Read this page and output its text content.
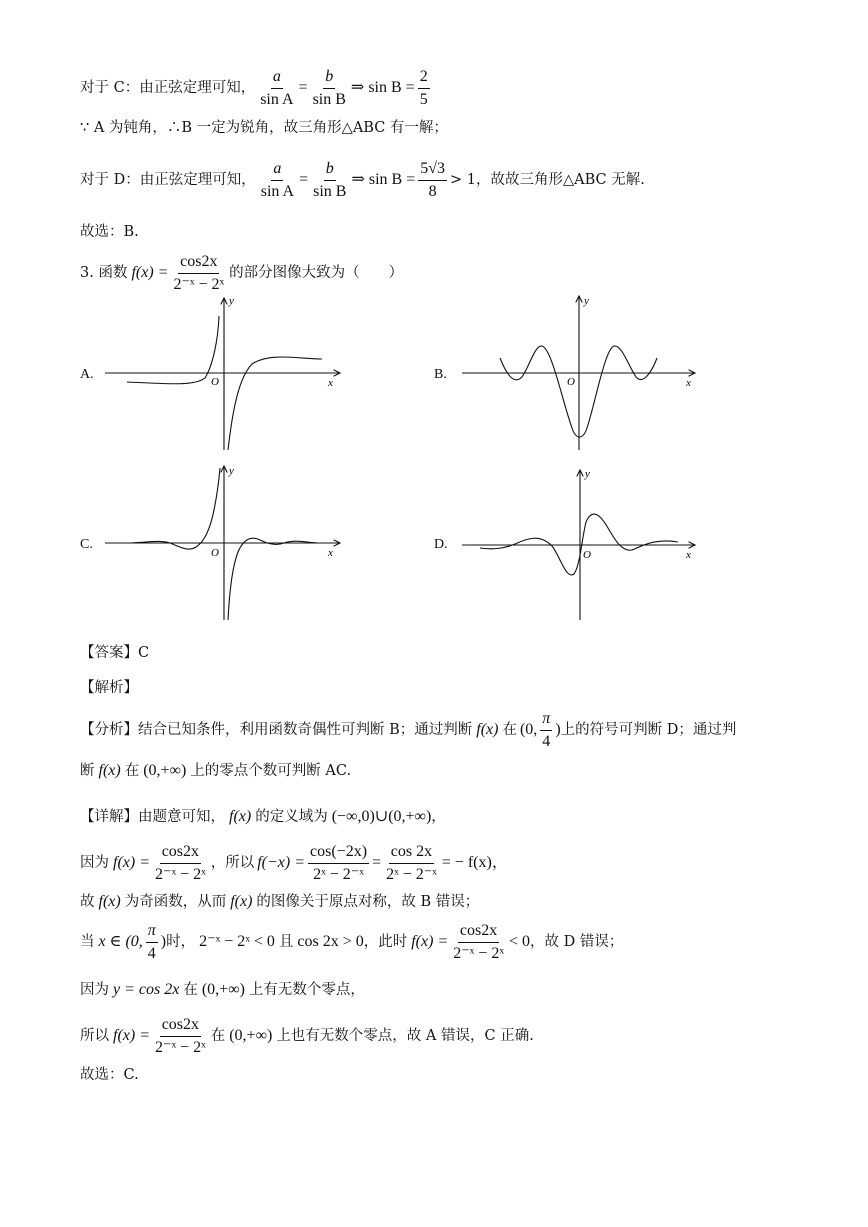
对于 C：由正弦定理可知， $\frac{a}{\text{sin A}} = \frac{b}{\text{sin B}}$ ⇒ $\sin B = \frac{2}{5}$
∵ A 为钝角，∴B 一定为锐角，故三角形△ABC 有一解；
对于 D：由正弦定理可知， $\frac{a}{\text{sin A}} = \frac{b}{\text{sin B}}$ ⇒ $\sin B = \frac{5√3}{8} > 1$，故故三角形△ABC 无解.
故选：B.
3. 函数 $f(x) = \frac{\cos 2x}{\text{2⁻ˣ − 2ˣ}}$ 的部分图像大致为（　　）
x
y
O	x
y
O
x
y
O	x
y
O
A.	B.
C.	D.
【答案】C
【解析】
【分析】结合已知条件，利用函数奇偶性可判断 B；通过判断 f(x) 在 (0, $\frac{\pi}{4}$ ) 上的符号可判断 D；通过判
断 f(x) 在 (0,+∞) 上的零点个数可判断 AC.
【详解】由题意可知， f(x) 的定义域为 (−∞,0)∪(0,+∞) ，
因为 $f(x) = \frac{\cos 2x}{\text{2⁻ˣ − 2ˣ}}$ ，所以 $f(-x) = \frac{\cos(-2x)}{\text{2ˣ − 2⁻ˣ}} = \frac{\cos 2x}{\text{2ˣ − 2⁻ˣ}}$ = − f(x)，
故 f(x) 为奇函数，从而 f(x) 的图像关于原点对称，故 B 错误；
当 x ∈ (0, $\frac{\pi}{4}$ ) 时， 2⁻ˣ − 2ˣ < 0 且 cos 2x > 0 ，此时 $f(x) = \frac{\cos 2x}{\text{2⁻ˣ − 2ˣ}} < 0$ ，故 D 错误；
因为 y = cos 2x 在 (0,+∞) 上有无数个零点，
所以 $f(x) = \frac{\cos 2x}{\text{2⁻ˣ − 2ˣ}}$ 在 (0,+∞) 上也有无数个零点，故 A 错误，C 正确.
故选：C.
